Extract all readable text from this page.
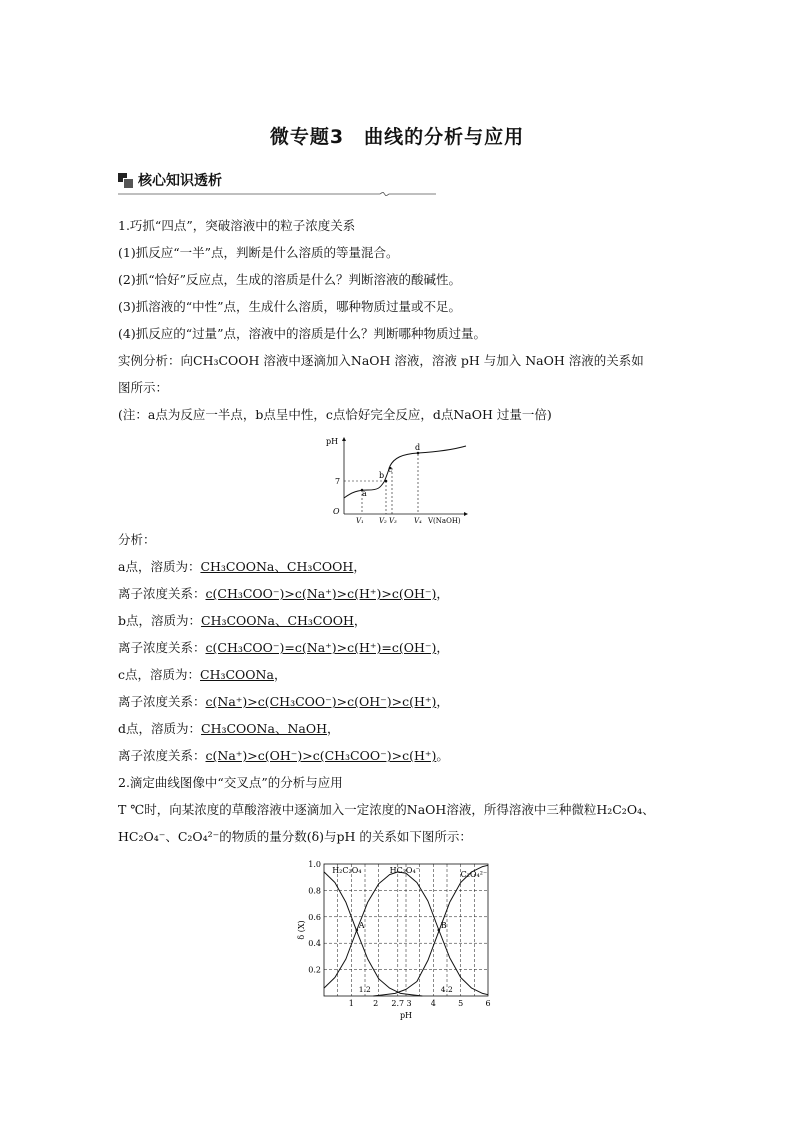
微专题3　曲线的分析与应用
核心知识透析
1.巧抓“四点”，突破溶液中的粒子浓度关系
(1)抓反应“一半”点，判断是什么溶质的等量混合。
(2)抓“恰好”反应点，生成的溶质是什么？判断溶液的酸碱性。
(3)抓溶液的“中性”点，生成什么溶质，哪种物质过量或不足。
(4)抓反应的“过量”点，溶液中的溶质是什么？判断哪种物质过量。
实例分析：向CH₃COOH 溶液中逐滴加入NaOH 溶液，溶液 pH 与加入 NaOH 溶液的关系如
图所示：
(注：a点为反应一半点，b点呈中性，c点恰好完全反应，d点NaOH 过量一倍)
pH
7
O
a
b
c
d
V₁ V₂ V₃ V₄ V(NaOH)
分析：
a点，溶质为：CH₃COONa、CH₃COOH，
离子浓度关系：c(CH₃COO⁻)>c(Na⁺)>c(H⁺)>c(OH⁻)，
b点，溶质为：CH₃COONa、CH₃COOH，
离子浓度关系：c(CH₃COO⁻)=c(Na⁺)>c(H⁺)=c(OH⁻)，
c点，溶质为：CH₃COONa，
离子浓度关系：c(Na⁺)>c(CH₃COO⁻)>c(OH⁻)>c(H⁺)，
d点，溶质为：CH₃COONa、NaOH，
离子浓度关系：c(Na⁺)>c(OH⁻)>c(CH₃COO⁻)>c(H⁺)。
2.滴定曲线图像中“交叉点”的分析与应用
T ℃时，向某浓度的草酸溶液中逐滴加入一定浓度的NaOH溶液，所得溶液中三种微粒H₂C₂O₄、
HC₂O₄⁻、C₂O₄²⁻的物质的量分数(δ)与pH 的关系如下图所示：
0.2
0.4
0.6
0.8
1.0
1 2 2.7 3 4	5	6
H₂C₂O₄	HC₂O₄⁻	C₂O₄²⁻
A	B
1.2	4.2
pH
δ (X)
